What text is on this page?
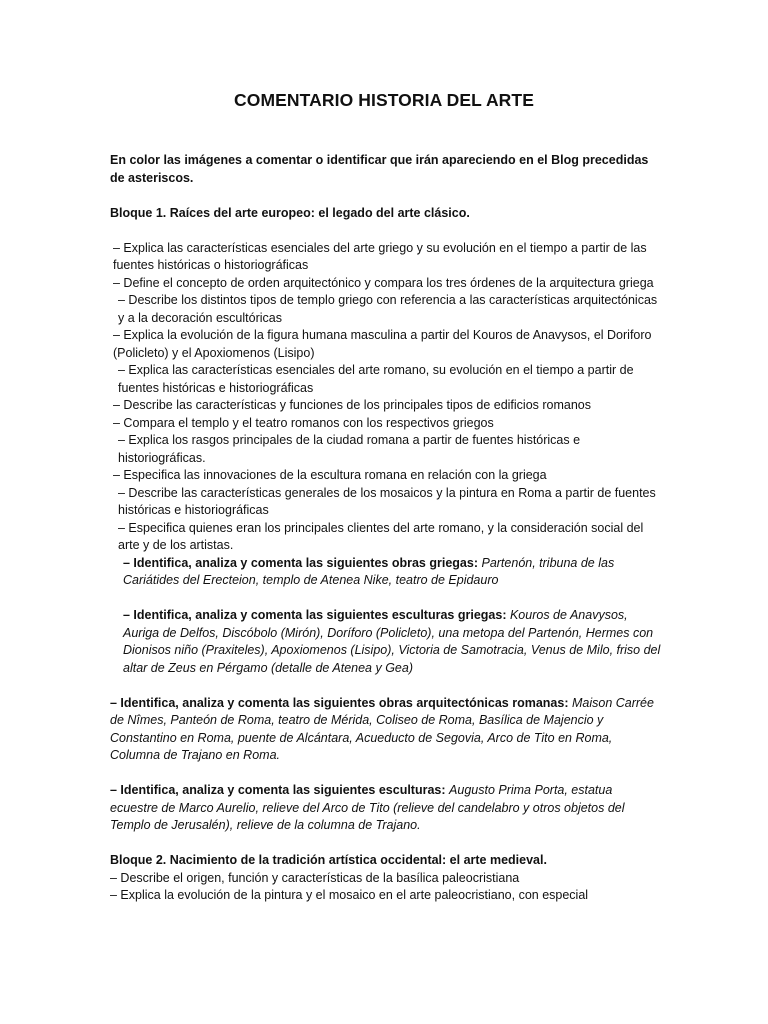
COMENTARIO HISTORIA DEL ARTE

En color las imágenes a comentar o identificar que irán apareciendo en el Blog precedidas de asteriscos.

Bloque 1. Raíces del arte europeo: el legado del arte clásico.

– Explica las características esenciales del arte griego y su evolución en el tiempo a partir de las fuentes históricas o historiográficas

– Define el concepto de orden arquitectónico y compara los tres órdenes de la arquitectura griega

– Describe los distintos tipos de templo griego con referencia a las características arquitectónicas y a la decoración escultóricas

– Explica la evolución de la figura humana masculina a partir del Kouros de Anavysos, el Doriforo (Policleto) y el Apoxiomenos (Lisipo)

– Explica las características esenciales del arte romano, su evolución en el tiempo a partir de fuentes históricas e historiográficas

– Describe las características y funciones de los principales tipos de edificios romanos

– Compara el templo y el teatro romanos con los respectivos griegos

– Explica los rasgos principales de la ciudad romana a partir de fuentes históricas e historiográficas.

– Especifica las innovaciones de la escultura romana en relación con la griega

– Describe las características generales de los mosaicos y la pintura en Roma a partir de fuentes históricas e historiográficas

– Especifica quienes eran los principales clientes del arte romano, y la consideración social del arte y de los artistas.

– Identifica, analiza y comenta las siguientes obras griegas: Partenón, tribuna de las Cariátides del Erecteion, templo de Atenea Nike, teatro de Epidauro

– Identifica, analiza y comenta las siguientes esculturas griegas: Kouros de Anavysos, Auriga de Delfos, Discóbolo (Mirón), Doríforo (Policleto), una metopa del Partenón, Hermes con Dionisos niño (Praxiteles), Apoxiomenos (Lisipo), Victoria de Samotracia, Venus de Milo, friso del altar de Zeus en Pérgamo (detalle de Atenea y Gea)

– Identifica, analiza y comenta las siguientes obras arquitectónicas romanas: Maison Carrée de Nîmes, Panteón de Roma, teatro de Mérida, Coliseo de Roma, Basílica de Majencio y Constantino en Roma, puente de Alcántara, Acueducto de Segovia, Arco de Tito en Roma, Columna de Trajano en Roma.

– Identifica, analiza y comenta las siguientes esculturas: Augusto Prima Porta, estatua ecuestre de Marco Aurelio, relieve del Arco de Tito (relieve del candelabro y otros objetos del Templo de Jerusalén), relieve de la columna de Trajano.

Bloque 2. Nacimiento de la tradición artística occidental: el arte medieval.

– Describe el origen, función y características de la basílica paleocristiana

– Explica la evolución de la pintura y el mosaico en el arte paleocristiano, con especial
